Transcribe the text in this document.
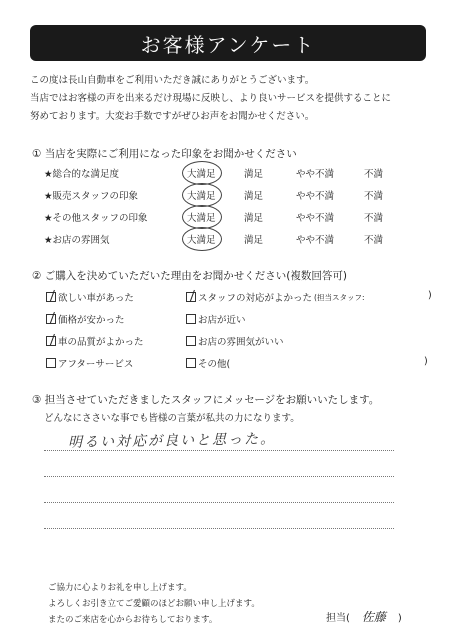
お客様アンケート
この度は長山自動車をご利用いただき誠にありがとうございます。
当店ではお客様の声を出来るだけ現場に反映し、より良いサービスを提供することに
努めております。大変お手数ですがぜひお声をお聞かせください。
① 当店を実際にご利用になった印象をお聞かせください
★総合的な満足度	大満足	満足	やや不満	不満
★販売スタッフの印象	大満足	満足	やや不満	不満
★その他スタッフの印象	大満足	満足	やや不満	不満
★お店の雰囲気	大満足	満足	やや不満	不満
② ご購入を決めていただいた理由をお聞かせください(複数回答可)
欲しい車があった	スタッフの対応がよかった (担当スタッフ:	)
価格が安かった	お店が近い
車の品質がよかった	お店の雰囲気がいい
アフターサービス	その他(	)
③ 担当させていただきましたスタッフにメッセージをお願いいたします。
どんなにささいな事でも皆様の言葉が私共の力になります。
明るい対応が良いと思った。
ご協力に心よりお礼を申し上げます。
よろしくお引き立てご愛顧のほどお願い申し上げます。
またのご来店を心からお待ちしております。	担当( 佐藤 )
